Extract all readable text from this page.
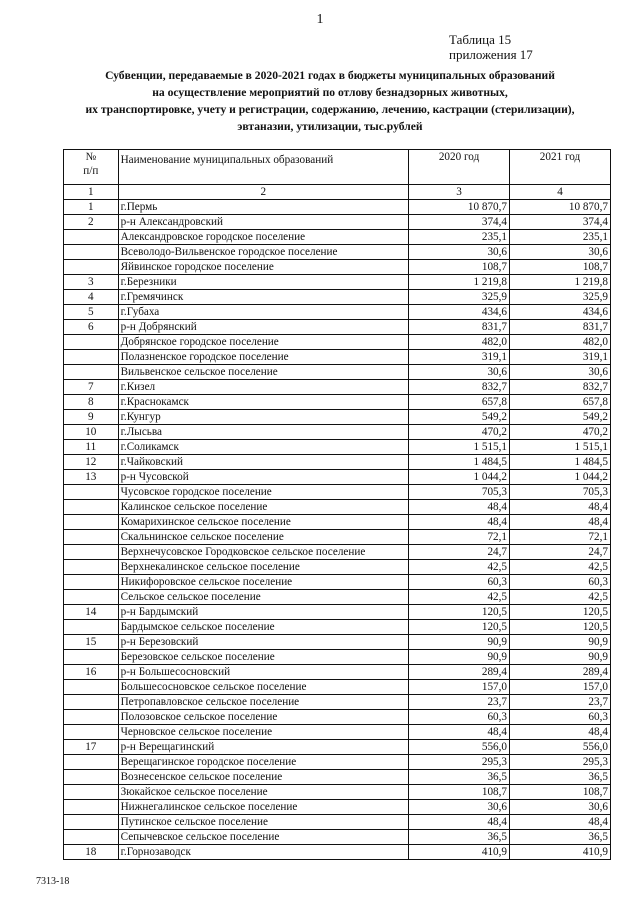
1
Таблица 15
приложения 17
Субвенции, передаваемые в 2020-2021 годах в бюджеты муниципальных образований
на осуществление мероприятий по отлову безнадзорных животных,
их транспортировке, учету и регистрации, содержанию, лечению, кастрации (стерилизации),
эвтаназии, утилизации, тыс.рублей
№
п/п	Наименование муниципальных образований	2020 год	2021 год
1	2	3	4
1	г.Пермь	10 870,7	10 870,7
2	р-н Александровский	374,4	374,4
	Александровское городское поселение	235,1	235,1
	Всеволодо-Вильвенское городское поселение	30,6	30,6
	Яйвинское городское поселение	108,7	108,7
3	г.Березники	1 219,8	1 219,8
4	г.Гремячинск	325,9	325,9
5	г.Губаха	434,6	434,6
6	р-н Добрянский	831,7	831,7
	Добрянское городское поселение	482,0	482,0
	Полазненское городское поселение	319,1	319,1
	Вильвенское сельское поселение	30,6	30,6
7	г.Кизел	832,7	832,7
8	г.Краснокамск	657,8	657,8
9	г.Кунгур	549,2	549,2
10	г.Лысьва	470,2	470,2
11	г.Соликамск	1 515,1	1 515,1
12	г.Чайковский	1 484,5	1 484,5
13	р-н Чусовской	1 044,2	1 044,2
	Чусовское городское поселение	705,3	705,3
	Калинское сельское поселение	48,4	48,4
	Комарихинское сельское поселение	48,4	48,4
	Скальнинское сельское поселение	72,1	72,1
	Верхнечусовское Городковское сельское поселение	24,7	24,7
	Верхнекалинское сельское поселение	42,5	42,5
	Никифоровское сельское поселение	60,3	60,3
	Сельское сельское поселение	42,5	42,5
14	р-н Бардымский	120,5	120,5
	Бардымское сельское поселение	120,5	120,5
15	р-н Березовский	90,9	90,9
	Березовское сельское поселение	90,9	90,9
16	р-н Большесосновский	289,4	289,4
	Большесосновское сельское поселение	157,0	157,0
	Петропавловское сельское поселение	23,7	23,7
	Полозовское сельское поселение	60,3	60,3
	Черновское сельское поселение	48,4	48,4
17	р-н Верещагинский	556,0	556,0
	Верещагинское городское поселение	295,3	295,3
	Вознесенское сельское поселение	36,5	36,5
	Зюкайское сельское поселение	108,7	108,7
	Нижнегалинское сельское поселение	30,6	30,6
	Путинское сельское поселение	48,4	48,4
	Сепычевское сельское поселение	36,5	36,5
18	г.Горнозаводск	410,9	410,9
7313-18
